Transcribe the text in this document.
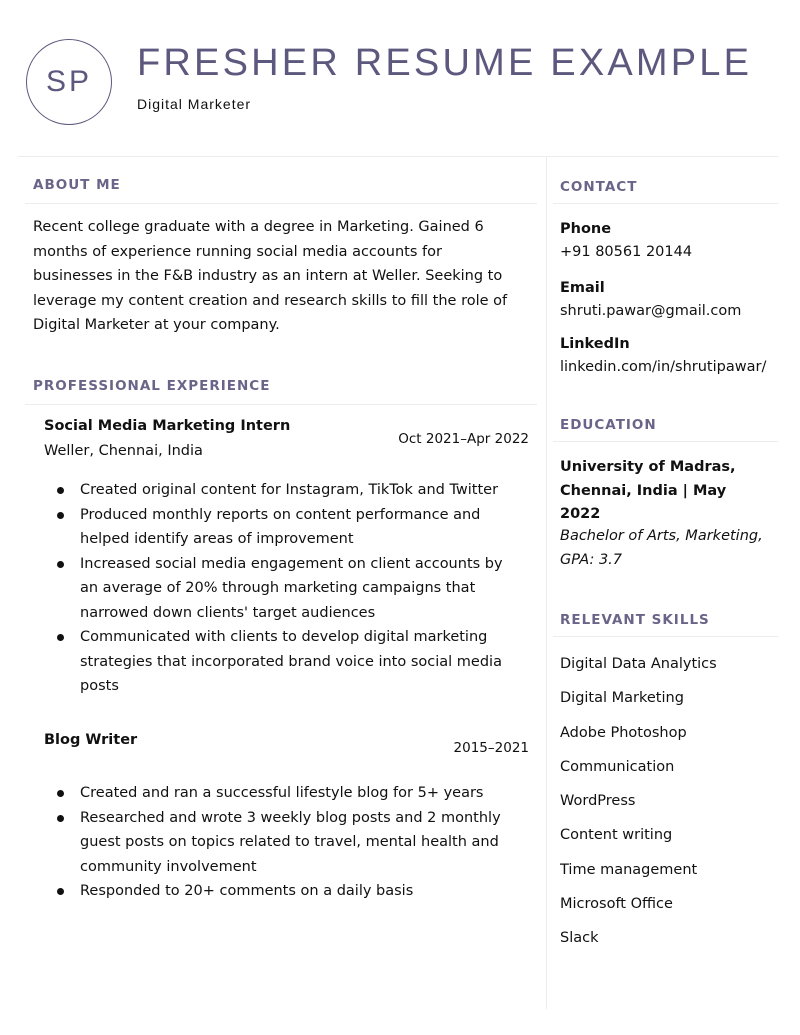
SP FRESHER RESUME EXAMPLE
Digital Marketer
ABOUT ME

Recent college graduate with a degree in Marketing. Gained 6 months of experience running social media accounts for businesses in the F&B industry as an intern at Weller. Seeking to leverage my content creation and research skills to fill the role of Digital Marketer at your company.

PROFESSIONAL EXPERIENCE
Social Media Marketing Intern
Oct 2021–Apr 2022
Weller, Chennai, India
Created original content for Instagram, TikTok and Twitter
Produced monthly reports on content performance and helped identify areas of improvement
Increased social media engagement on client accounts by an average of 20% through marketing campaigns that narrowed down clients' target audiences
Communicated with clients to develop digital marketing strategies that incorporated brand voice into social media posts
Blog Writer	2015–2021
Created and ran a successful lifestyle blog for 5+ years
Researched and wrote 3 weekly blog posts and 2 monthly guest posts on topics related to travel, mental health and community involvement
Responded to 20+ comments on a daily basis
CONTACT
Phone
+91 80561 20144
Email
shruti.pawar@gmail.com
LinkedIn
linkedin.com/in/shrutipawar/
EDUCATION
University of Madras, Chennai, India | May 2022
Bachelor of Arts, Marketing, GPA: 3.7
RELEVANT SKILLS
Digital Data Analytics
Digital Marketing
Adobe Photoshop
Communication
WordPress
Content writing
Time management
Microsoft Office
Slack
